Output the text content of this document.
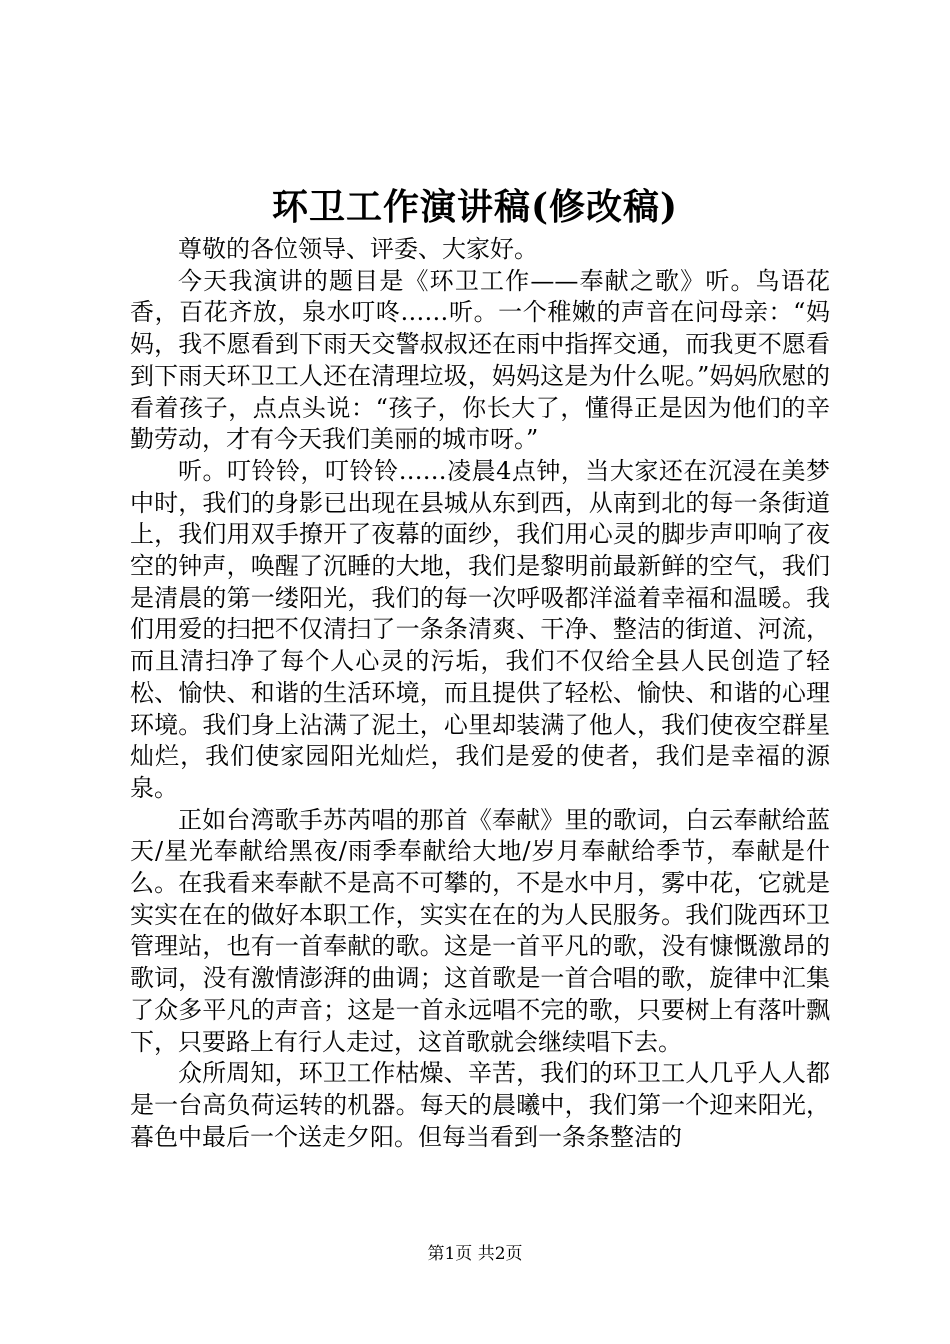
环卫工作演讲稿(修改稿)

尊敬的各位领导、评委、大家好。

今天我演讲的题目是《环卫工作——奉献之歌》听。鸟语花香，百花齐放，泉水叮咚……听。一个稚嫩的声音在问母亲：“妈妈，我不愿看到下雨天交警叔叔还在雨中指挥交通，而我更不愿看到下雨天环卫工人还在清理垃圾，妈妈这是为什么呢。”妈妈欣慰的看着孩子，点点头说：“孩子，你长大了，懂得正是因为他们的辛勤劳动，才有今天我们美丽的城市呀。”

听。叮铃铃，叮铃铃……凌晨4点钟，当大家还在沉浸在美梦中时，我们的身影已出现在县城从东到西，从南到北的每一条街道上，我们用双手撩开了夜幕的面纱，我们用心灵的脚步声叩响了夜空的钟声，唤醒了沉睡的大地，我们是黎明前最新鲜的空气，我们是清晨的第一缕阳光，我们的每一次呼吸都洋溢着幸福和温暖。我们用爱的扫把不仅清扫了一条条清爽、干净、整洁的街道、河流，而且清扫净了每个人心灵的污垢，我们不仅给全县人民创造了轻松、愉快、和谐的生活环境，而且提供了轻松、愉快、和谐的心理环境。我们身上沾满了泥土，心里却装满了他人，我们使夜空群星灿烂，我们使家园阳光灿烂，我们是爱的使者，我们是幸福的源泉。

正如台湾歌手苏芮唱的那首《奉献》里的歌词，白云奉献给蓝天/星光奉献给黑夜/雨季奉献给大地/岁月奉献给季节，奉献是什么。在我看来奉献不是高不可攀的，不是水中月，雾中花，它就是实实在在的做好本职工作，实实在在的为人民服务。我们陇西环卫管理站，也有一首奉献的歌。这是一首平凡的歌，没有慷慨激昂的歌词，没有激情澎湃的曲调；这首歌是一首合唱的歌，旋律中汇集了众多平凡的声音；这是一首永远唱不完的歌，只要树上有落叶飘下，只要路上有行人走过，这首歌就会继续唱下去。

众所周知，环卫工作枯燥、辛苦，我们的环卫工人几乎人人都是一台高负荷运转的机器。每天的晨曦中，我们第一个迎来阳光，暮色中最后一个送走夕阳。但每当看到一条条整洁的

第1页 共2页
